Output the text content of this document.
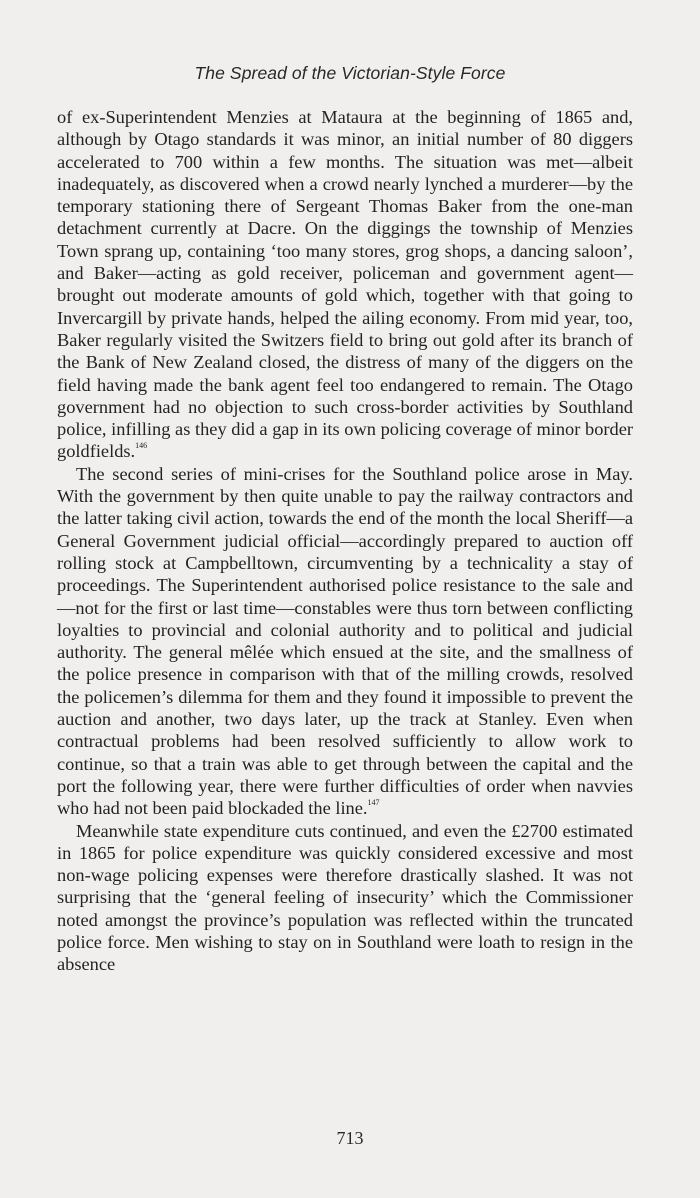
The Spread of the Victorian-Style Force

of ex-Superintendent Menzies at Mataura at the beginning of 1865 and, although by Otago standards it was minor, an initial number of 80 diggers accelerated to 700 within a few months. The situation was met—albeit inadequately, as discovered when a crowd nearly lynched a murderer—by the temporary stationing there of Sergeant Thomas Baker from the one-man detachment currently at Dacre. On the diggings the township of Menzies Town sprang up, containing ‘too many stores, grog shops, a dancing saloon’, and Baker—acting as gold receiver, policeman and government agent—brought out moderate amounts of gold which, together with that going to Invercargill by private hands, helped the ailing economy. From mid year, too, Baker regularly visited the Switzers field to bring out gold after its branch of the Bank of New Zealand closed, the distress of many of the diggers on the field having made the bank agent feel too endangered to remain. The Otago government had no objection to such cross-border activities by Southland police, infilling as they did a gap in its own policing coverage of minor border goldfields.$^{146}$

The second series of mini-crises for the Southland police arose in May. With the government by then quite unable to pay the railway contractors and the latter taking civil action, towards the end of the month the local Sheriff—a General Government judicial official—accordingly prepared to auction off rolling stock at Campbelltown, circumventing by a technicality a stay of proceedings. The Superintendent authorised police resistance to the sale and—not for the first or last time—constables were thus torn between conflicting loyalties to provincial and colonial authority and to political and judicial authority. The general mêlée which ensued at the site, and the smallness of the police presence in comparison with that of the milling crowds, resolved the policemen’s dilemma for them and they found it impossible to prevent the auction and another, two days later, up the track at Stanley. Even when contractual problems had been resolved sufficiently to allow work to continue, so that a train was able to get through between the capital and the port the following year, there were further difficulties of order when navvies who had not been paid blockaded the line.$^{147}$

Meanwhile state expenditure cuts continued, and even the £2700 estimated in 1865 for police expenditure was quickly considered excessive and most non-wage policing expenses were therefore drastically slashed. It was not surprising that the ‘general feeling of insecurity’ which the Commissioner noted amongst the province’s population was reflected within the truncated police force. Men wishing to stay on in Southland were loath to resign in the absence

713
